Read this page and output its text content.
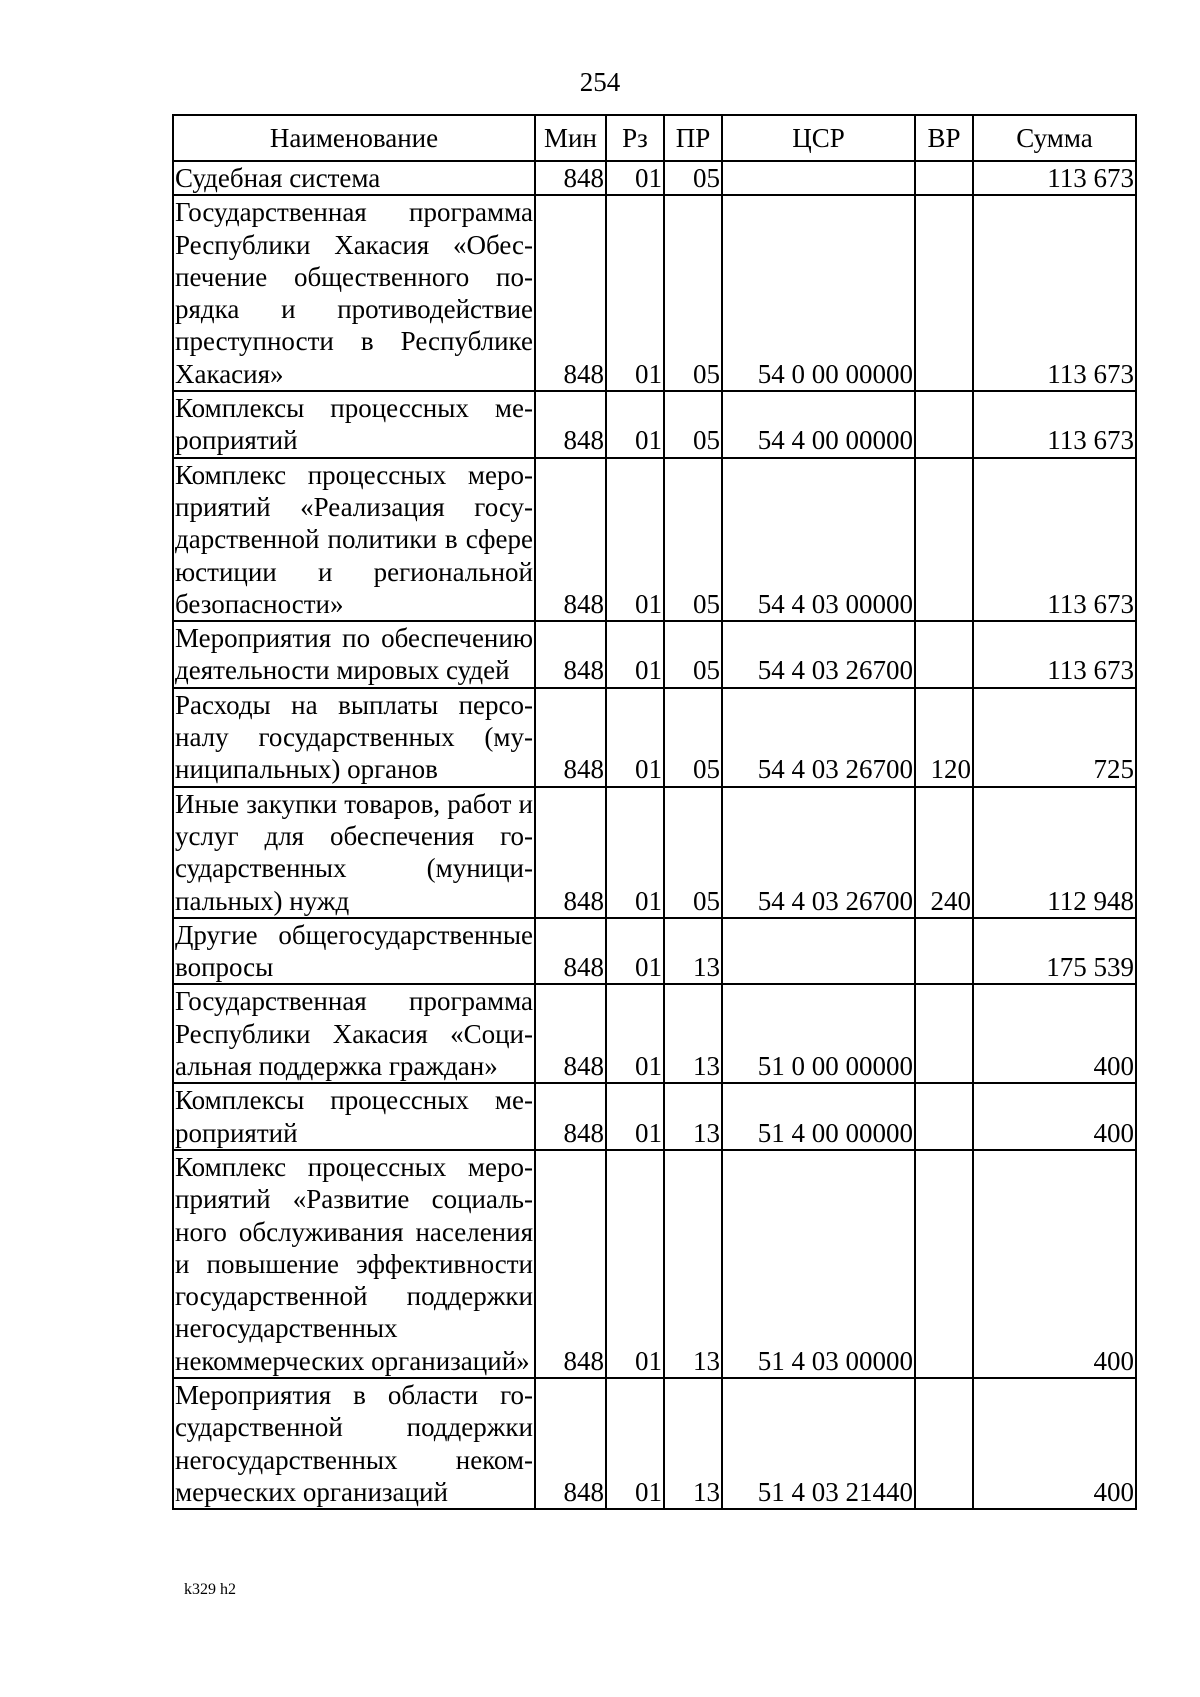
254
Наименование	Мин	Рз	ПР	ЦСР	ВР	Сумма
Судебная система	848	01	05			113 673
Государственная программа Республики Хакасия «Обеспечение общественного порядка и противодействие преступности в Республике Хакасия»	848	01	05	54 0 00 00000		113 673
Комплексы процессных мероприятий	848	01	05	54 4 00 00000		113 673
Комплекс процессных мероприятий «Реализация государственной политики в сфере юстиции и региональной безопасности»	848	01	05	54 4 03 00000		113 673
Мероприятия по обеспечению деятельности мировых судей	848	01	05	54 4 03 26700		113 673
Расходы на выплаты персоналу государственных (муниципальных) органов	848	01	05	54 4 03 26700	120	725
Иные закупки товаров, работ и услуг для обеспечения государственных (муниципальных) нужд	848	01	05	54 4 03 26700	240	112 948
Другие общегосударственные вопросы	848	01	13			175 539
Государственная программа Республики Хакасия «Социальная поддержка граждан»	848	01	13	51 0 00 00000		400
Комплексы процессных мероприятий	848	01	13	51 4 00 00000		400
Комплекс процессных мероприятий «Развитие социального обслуживания населения и повышение эффективности государственной поддержки негосударственных некоммерческих организаций»	848	01	13	51 4 03 00000		400
Мероприятия в области государственной поддержки негосударственных некоммерческих организаций	848	01	13	51 4 03 21440		400
k329 h2
